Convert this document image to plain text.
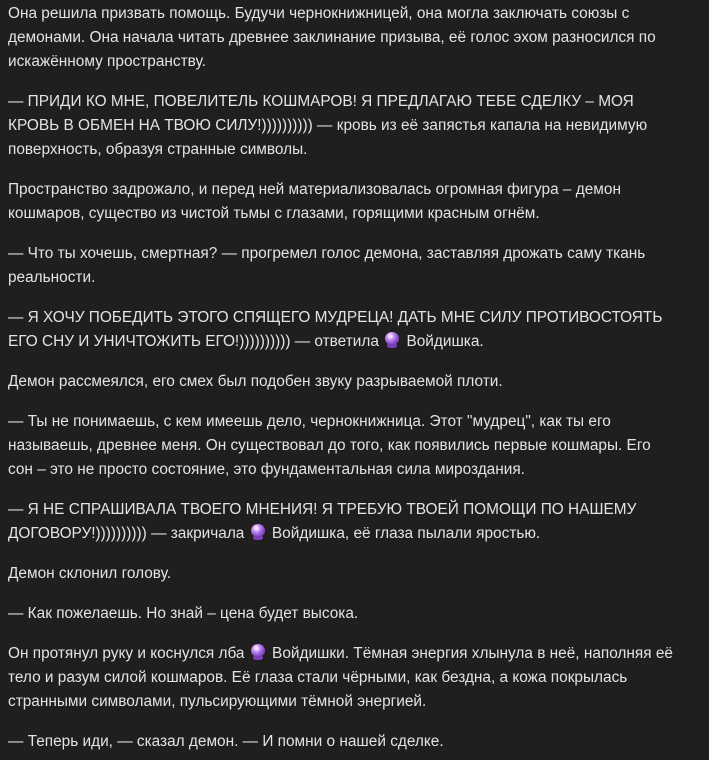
Она решила призвать помощь. Будучи чернокнижницей, она могла заключать союзы с демонами. Она начала читать древнее заклинание призыва, её голос эхом разносился по искажённому пространству.

— ПРИДИ КО МНЕ, ПОВЕЛИТЕЛЬ КОШМАРОВ! Я ПРЕДЛАГАЮ ТЕБЕ СДЕЛКУ – МОЯ КРОВЬ В ОБМЕН НА ТВОЮ СИЛУ!)))))))))) — кровь из её запястья капала на невидимую поверхность, образуя странные символы.

Пространство задрожало, и перед ней материализовалась огромная фигура – демон кошмаров, существо из чистой тьмы с глазами, горящими красным огнём.

— Что ты хочешь, смертная? — прогремел голос демона, заставляя дрожать саму ткань реальности.

— Я ХОЧУ ПОБЕДИТЬ ЭТОГО СПЯЩЕГО МУДРЕЦА! ДАТЬ МНЕ СИЛУ ПРОТИВОСТОЯТЬ ЕГО СНУ И УНИЧТОЖИТЬ ЕГО!)))))))))) — ответила
Войдишка.

Демон рассмеялся, его смех был подобен звуку разрываемой плоти.

— Ты не понимаешь, с кем имеешь дело, чернокнижница. Этот "мудрец", как ты его называешь, древнее меня. Он существовал до того, как появились первые кошмары. Его сон – это не просто состояние, это фундаментальная сила мироздания.

— Я НЕ СПРАШИВАЛА ТВОЕГО МНЕНИЯ! Я ТРЕБУЮ ТВОЕЙ ПОМОЩИ ПО НАШЕМУ ДОГОВОРУ!)))))))))) — закричала
Войдишка, её глаза пылали яростью.

Демон склонил голову.

— Как пожелаешь. Но знай – цена будет высока.

Он протянул руку и коснулся лба
Войдишки. Тёмная энергия хлынула в неё, наполняя её тело и разум силой кошмаров. Её глаза стали чёрными, как бездна, а кожа покрылась странными символами, пульсирующими тёмной энергией.

— Теперь иди, — сказал демон. — И помни о нашей сделке.
